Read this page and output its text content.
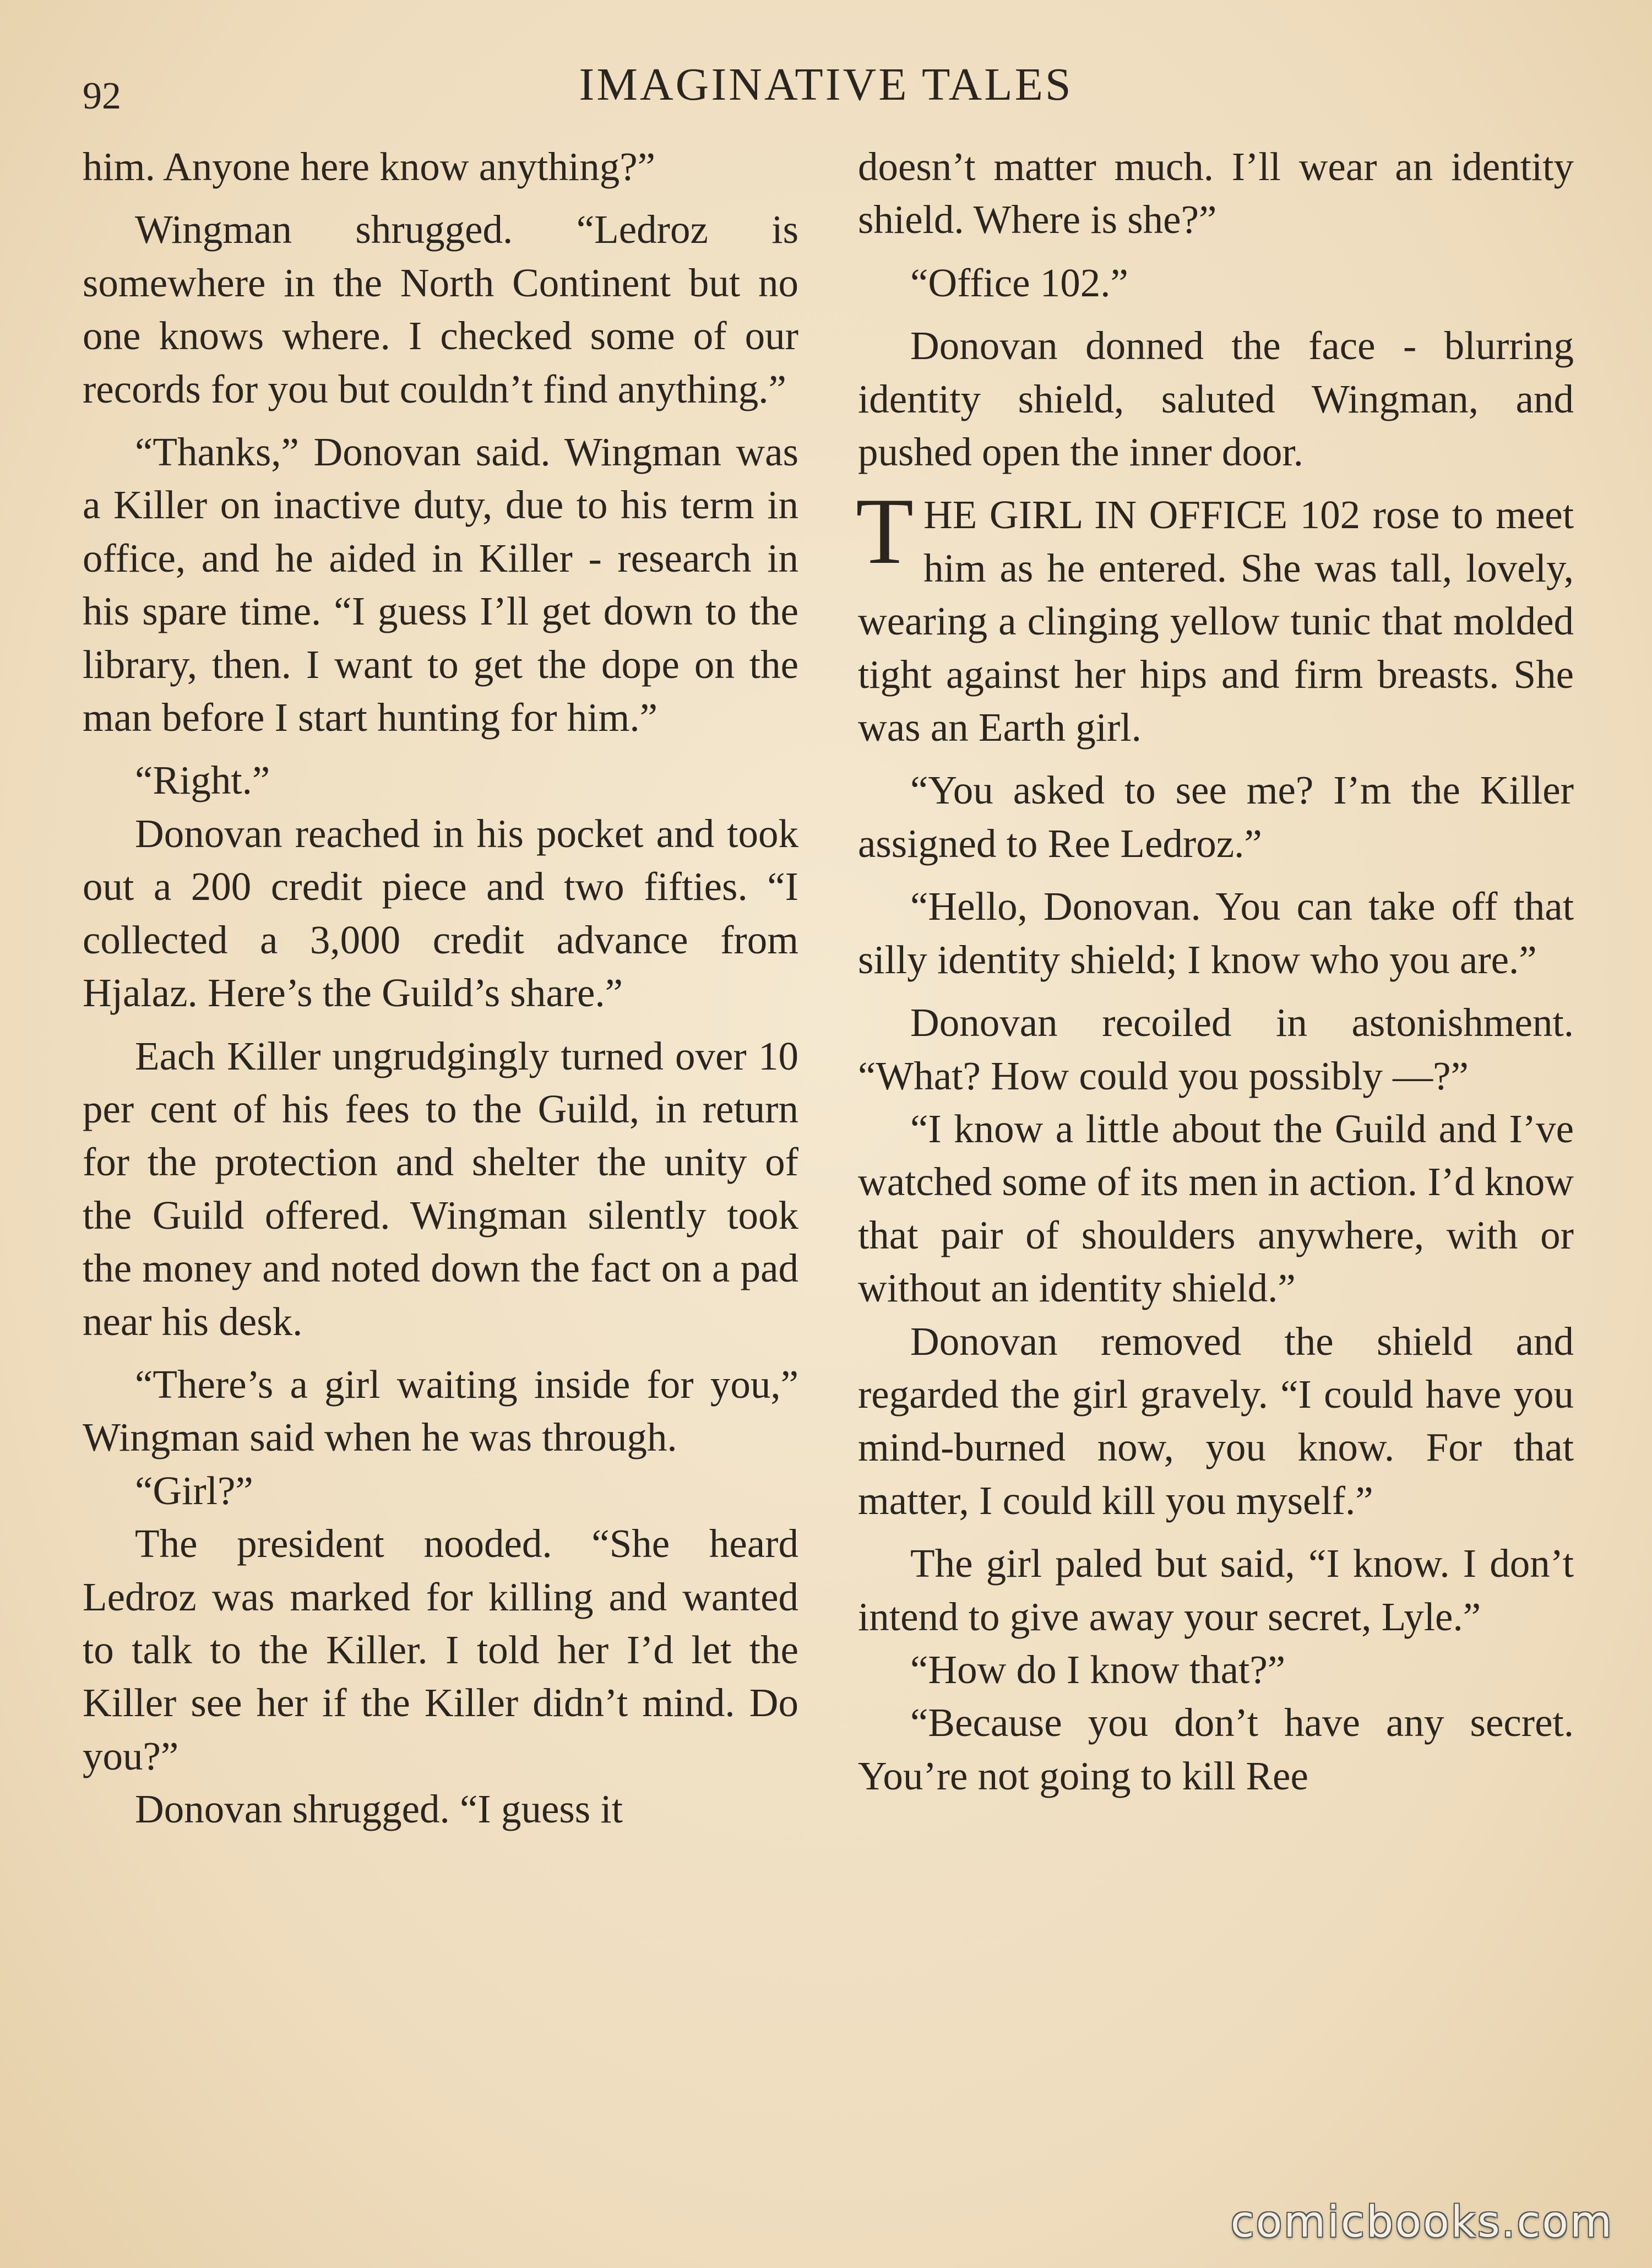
92	IMAGINATIVE TALES

him. Anyone here know anything?”

Wingman shrugged. “Ledroz is somewhere in the North Continent but no one knows where. I checked some of our records for you but couldn’t find anything.”

“Thanks,” Donovan said. Wingman was a Killer on inactive duty, due to his term in office, and he aided in Killer - research in his spare time. “I guess I’ll get down to the library, then. I want to get the dope on the man before I start hunting for him.”

“Right.”

Donovan reached in his pocket and took out a 200 credit piece and two fifties. “I collected a 3,000 credit advance from Hjalaz. Here’s the Guild’s share.”

Each Killer ungrudgingly turned over 10 per cent of his fees to the Guild, in return for the protection and shelter the unity of the Guild offered. Wingman silently took the money and noted down the fact on a pad near his desk.

“There’s a girl waiting inside for you,” Wingman said when he was through.

“Girl?”

The president nooded. “She heard Ledroz was marked for killing and wanted to talk to the Killer. I told her I’d let the Killer see her if the Killer didn’t mind. Do you?”

Donovan shrugged. “I guess it

doesn’t matter much. I’ll wear an identity shield. Where is she?”

“Office 102.”

Donovan donned the face - blurring identity shield, saluted Wingman, and pushed open the inner door.

THE GIRL IN OFFICE 102 rose to meet him as he entered. She was tall, lovely, wearing a clinging yellow tunic that molded tight against her hips and firm breasts. She was an Earth girl.

“You asked to see me? I’m the Killer assigned to Ree Ledroz.”

“Hello, Donovan. You can take off that silly identity shield; I know who you are.”

Donovan recoiled in astonishment. “What? How could you possibly —?”

“I know a little about the Guild and I’ve watched some of its men in action. I’d know that pair of shoulders anywhere, with or without an identity shield.”

Donovan removed the shield and regarded the girl gravely. “I could have you mind-burned now, you know. For that matter, I could kill you myself.”

The girl paled but said, “I know. I don’t intend to give away your secret, Lyle.”

“How do I know that?”

“Because you don’t have any secret. You’re not going to kill Ree

comicbooks.com
